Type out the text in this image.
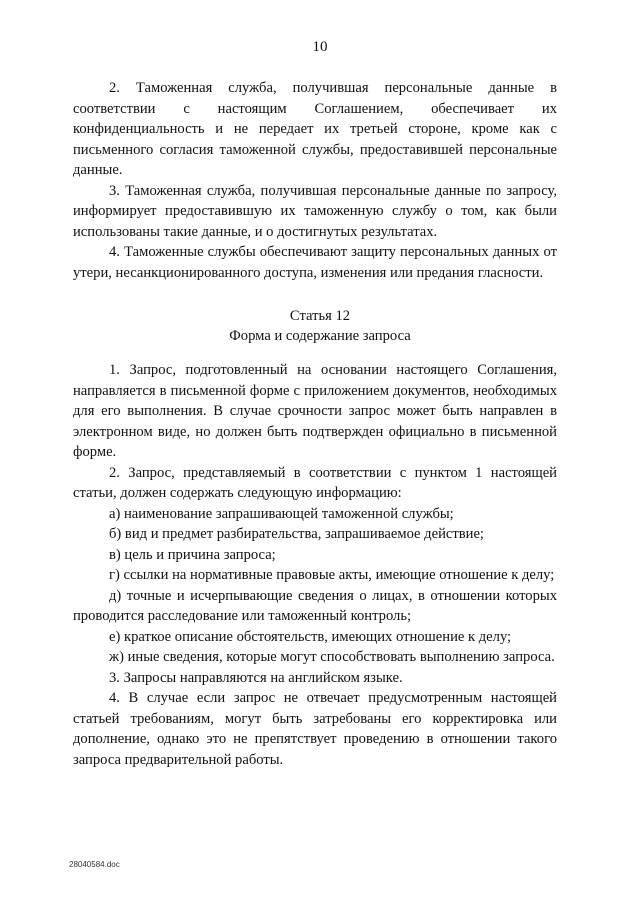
10

2. Таможенная служба, получившая персональные данные в соответствии с настоящим Соглашением, обеспечивает их конфиденциальность и не передает их третьей стороне, кроме как с письменного согласия таможенной службы, предоставившей персональные данные.

3. Таможенная служба, получившая персональные данные по запросу, информирует предоставившую их таможенную службу о том, как были использованы такие данные, и о достигнутых результатах.

4. Таможенные службы обеспечивают защиту персональных данных от утери, несанкционированного доступа, изменения или предания гласности.

Статья 12
Форма и содержание запроса

1. Запрос, подготовленный на основании настоящего Соглашения, направляется в письменной форме с приложением документов, необходимых для его выполнения. В случае срочности запрос может быть направлен в электронном виде, но должен быть подтвержден официально в письменной форме.

2. Запрос, представляемый в соответствии с пунктом 1 настоящей статьи, должен содержать следующую информацию:

а) наименование запрашивающей таможенной службы;

б) вид и предмет разбирательства, запрашиваемое действие;

в) цель и причина запроса;

г) ссылки на нормативные правовые акты, имеющие отношение к делу;

д) точные и исчерпывающие сведения о лицах, в отношении которых проводится расследование или таможенный контроль;

е) краткое описание обстоятельств, имеющих отношение к делу;

ж) иные сведения, которые могут способствовать выполнению запроса.

3. Запросы направляются на английском языке.

4. В случае если запрос не отвечает предусмотренным настоящей статьей требованиям, могут быть затребованы его корректировка или дополнение, однако это не препятствует проведению в отношении такого запроса предварительной работы.

28040584.doc
